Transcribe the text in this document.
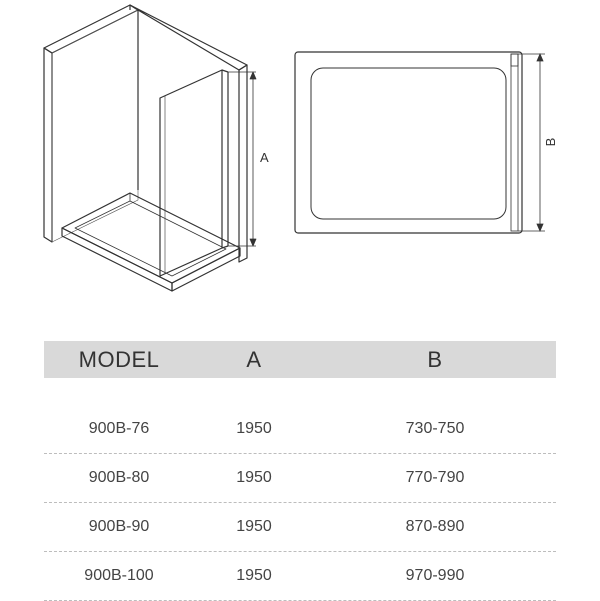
A
B
MODEL	A	B
900B-76	1950	730-750
900B-80	1950	770-790
900B-90	1950	870-890
900B-100	1950	970-990
